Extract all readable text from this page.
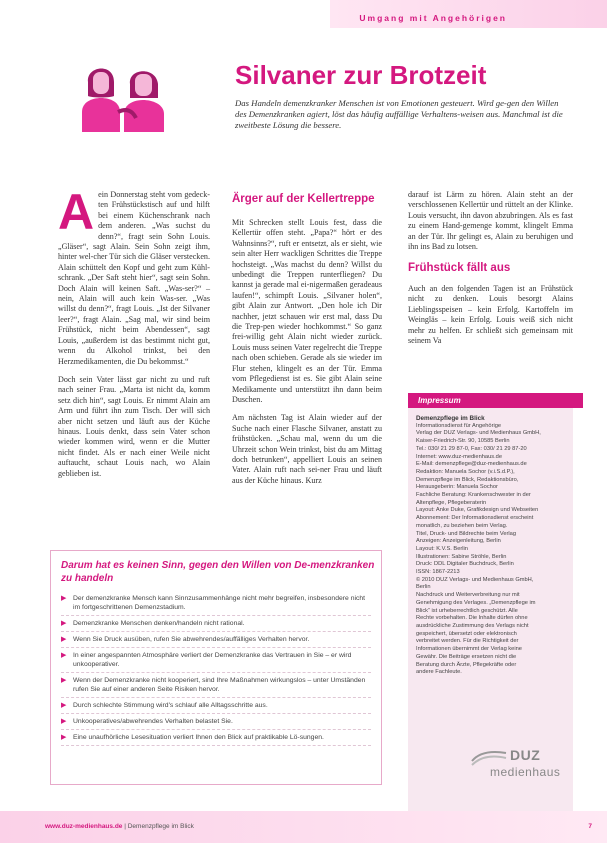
Umgang mit Angehörigen
Silvaner zur Brotzeit
Das Handeln demenzkranker Menschen ist von Emotionen gesteuert. Wird ge-gen den Willen des Demenzkranken agiert, löst das häufig auffällige Verhaltens-weisen aus. Manchmal ist die zweitbeste Lösung die bessere.
A ein Donnerstag steht vom gedeck-ten Frühstückstisch auf und hilft bei einem Küchenschrank nach dem anderen. „Was suchst du denn?“, fragt sein Sohn Louis. „Gläser“, sagt Alain. Sein Sohn zeigt ihm, hinter wel-cher Tür sich die Gläser verstecken. Alain schüttelt den Kopf und geht zum Kühl-schrank. „Der Saft steht hier“, sagt sein Sohn. Doch Alain will keinen Saft. „Was-ser?“ – nein, Alain will auch kein Was-ser. „Was willst du denn?“, fragt Louis. „Ist der Silvaner leer?“, fragt Alain. „Sag mal, wir sind beim Frühstück, nicht beim Abendessen“, sagt Louis, „außerdem ist das bestimmt nicht gut, wenn du Alkohol trinkst, bei den Herzmedikamenten, die Du bekommst.“

Doch sein Vater lässt gar nicht zu und ruft nach seiner Frau. „Marta ist nicht da, komm setz dich hin“, sagt Louis. Er nimmt Alain am Arm und führt ihn zum Tisch. Der will sich aber nicht setzen und läuft aus der Küche hinaus. Louis denkt, dass sein Vater schon wieder kommen wird, wenn er die Mutter nicht findet. Als er nach einer Weile nicht auftaucht, schaut Louis nach, wo Alain geblieben ist.

Ärger auf der Kellertreppe

Mit Schrecken stellt Louis fest, dass die Kellertür offen steht. „Papa?“ hört er des Wahnsinns?“, ruft er entsetzt, als er sieht, wie sein alter Herr wackligen Schrittes die Treppe hochsteigt. „Was machst du denn? Willst du unbedingt die Treppen runterfliegen? Du kannst ja gerade mal ei-nigermaßen geradeaus laufen!“, schimpft Louis. „Silvaner holen“, gibt Alain zur Antwort. „Den hole ich Dir nachher, jetzt schauen wir erst mal, dass Du die Trep-pen wieder hochkommst.“ So ganz frei-willig geht Alain nicht wieder zurück. Louis muss seinen Vater regelrecht die Treppe nach oben schieben. Gerade als sie wieder im Flur stehen, klingelt es an der Tür. Emma vom Pflegedienst ist es. Sie gibt Alain seine Medikamente und unterstützt ihn dann beim Duschen.

Am nächsten Tag ist Alain wieder auf der Suche nach einer Flasche Silvaner, anstatt zu frühstücken. „Schau mal, wenn du um die Uhrzeit schon Wein trinkst, bist du am Mittag doch betrunken“, appelliert Louis an seinen Vater. Alain ruft nach sei-ner Frau und läuft aus der Küche hinaus. Kurz

darauf ist Lärm zu hören. Alain steht an der verschlossenen Kellertür und rüttelt an der Klinke. Louis versucht, ihn davon abzubringen. Als es fast zu einem Hand-gemenge kommt, klingelt Emma an der Tür. Ihr gelingt es, Alain zu beruhigen und ihn ins Bad zu lotsen.

Frühstück fällt aus

Auch an den folgenden Tagen ist an Frühstück nicht zu denken. Louis besorgt Alains Lieblingsspeisen – kein Erfolg. Kartoffeln im Weingläs – kein Erfolg. Louis weiß sich nicht mehr zu helfen. Er schließt sich gemeinsam mit seinem Va

Impressum
Demenzpflege im Blick
Informationsdienst für Angehörige
Verlag der DUZ Verlags- und Medienhaus GmbH,
Kaiser-Friedrich-Str. 90, 10585 Berlin
Tel.: 030/ 21 29 87-0, Fax: 030/ 21 29 87-20
Internet: www.duz-medienhaus.de
E-Mail: demenzpflege@duz-medienhaus.de
Redaktion: Manuela Sochor (v.i.S.d.P.),
Demenzpflege im Blick, Redaktionsbüro,
Herausgeberin: Manuela Sochor
Fachliche Beratung: Krankenschwester in der
Altenpflege, Pflegeberaterin
Layout: Anke Duke, Grafikdesign und Webseiten
Abonnement: Der Informationsdienst erscheint
monatlich, zu beziehen beim Verlag.
Titel, Druck- und Bildrechte beim Verlag
Anzeigen: Anzeigenleitung, Berlin
Layout: K.V.S. Berlin
Illustrationen: Sabine Ströhle, Berlin
Druck: DDL Digitaler Buchdruck, Berlin
ISSN: 1867-2213
© 2010 DUZ Verlags- und Medienhaus GmbH,
Berlin
Nachdruck und Weiterverbreitung nur mit
Genehmigung des Verlages. „Demenzpflege im
Blick“ ist urheberrechtlich geschützt. Alle
Rechte vorbehalten. Die Inhalte dürfen ohne
ausdrückliche Zustimmung des Verlags nicht
gespeichert, übersetzt oder elektronisch
verbreitet werden. Für die Richtigkeit der
Informationen übernimmt der Verlag keine
Gewähr. Die Beiträge ersetzen nicht die
Beratung durch Ärzte, Pflegekräfte oder
andere Fachleute.
DUZ
medienhaus
Darum hat es keinen Sinn, gegen den Willen von De-menzkranken zu handeln
▶ Der demenzkranke Mensch kann Sinnzusammenhänge nicht mehr begreifen, insbesondere nicht im fortgeschrittenen Demenzstadium.
▶ Demenzkranke Menschen denken/handeln nicht rational.
▶ Wenn Sie Druck ausüben, rufen Sie abwehrendes/auffälliges Verhalten hervor.
▶ In einer angespannten Atmosphäre verliert der Demenzkranke das Vertrauen in Sie – er wird unkooperativer.
▶ Wenn der Demenzkranke nicht kooperiert, sind Ihre Maßnahmen wirkungslos – unter Umständen rufen Sie auf einer anderen Seite Risiken hervor.
▶ Durch schlechte Stimmung wird's schlauf alle Alltagsschritte aus.
▶ Unkooperatives/abwehrendes Verhalten belastet Sie.
▶ Eine unaufhörliche Lesesituation verliert Ihnen den Blick auf praktikable Lö-sungen.
www.duz-medienhaus.de | Demenzpflege im Blick	7
